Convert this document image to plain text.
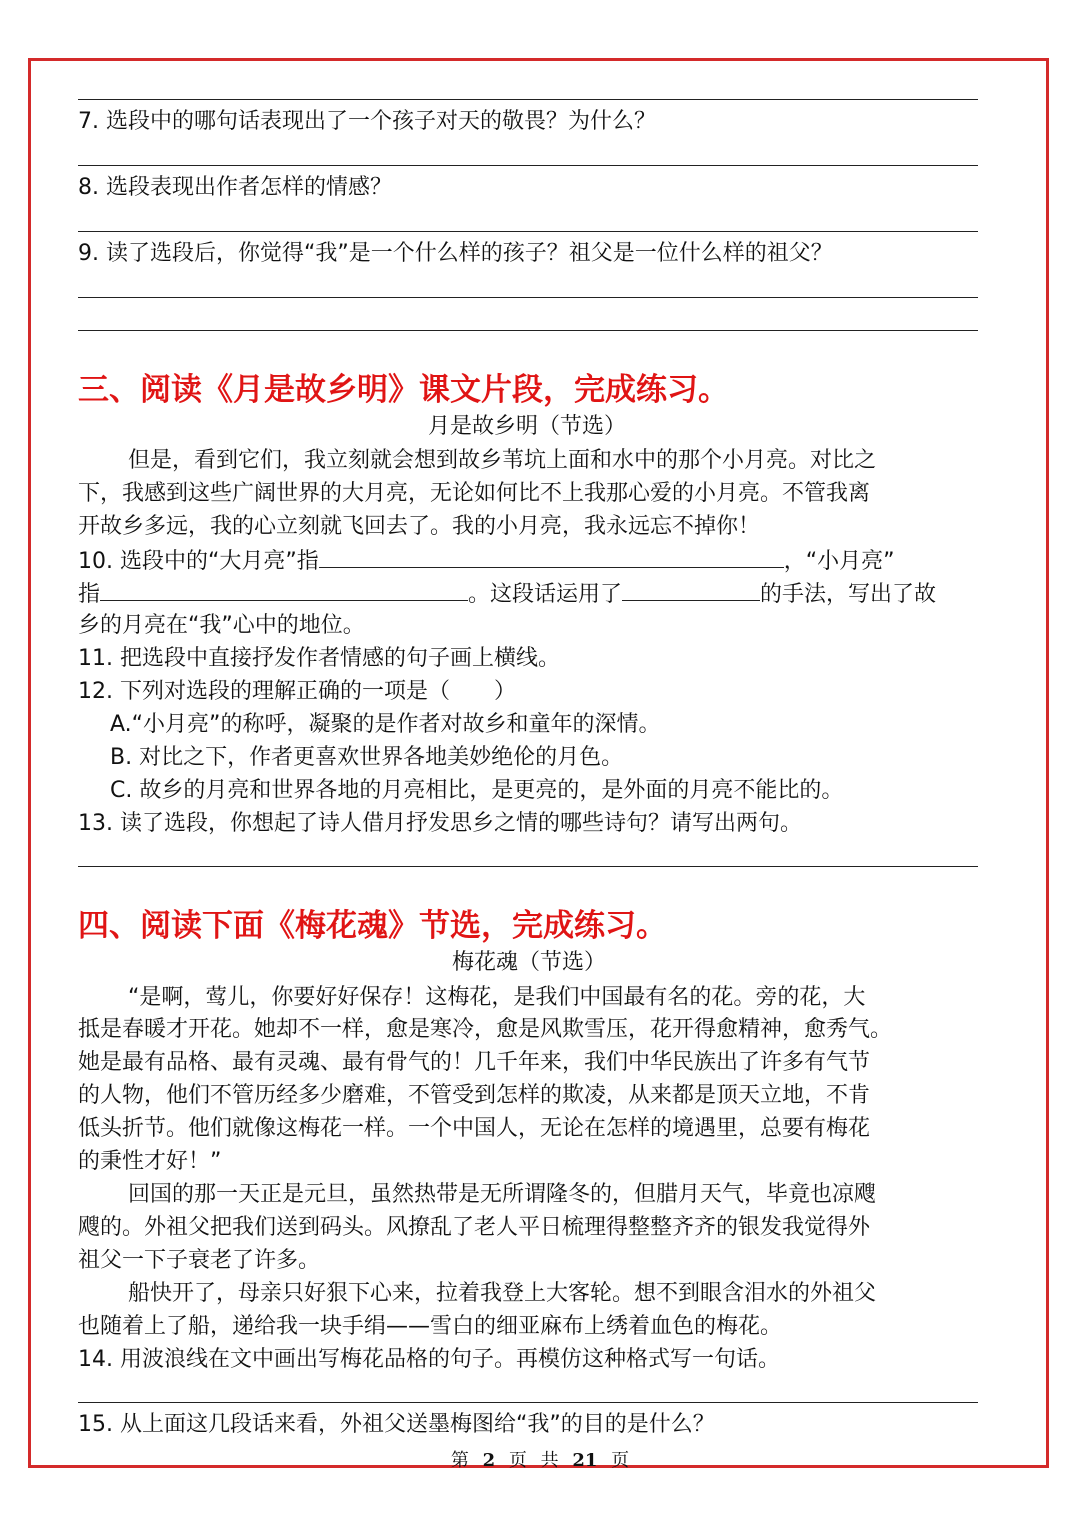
7. 选段中的哪句话表现出了一个孩子对天的敬畏？为什么？
8. 选段表现出作者怎样的情感？
9. 读了选段后，你觉得“我”是一个什么样的孩子？祖父是一位什么样的祖父？
三、阅读《月是故乡明》课文片段，完成练习。
月是故乡明（节选）
但是，看到它们，我立刻就会想到故乡苇坑上面和水中的那个小月亮。对比之
下，我感到这些广阔世界的大月亮，无论如何比不上我那心爱的小月亮。不管我离
开故乡多远，我的心立刻就飞回去了。我的小月亮，我永远忘不掉你！
10. 选段中的“大月亮”指	，“小月亮”
指	。这段话运用了	的手法，写出了故
乡的月亮在“我”心中的地位。
11. 把选段中直接抒发作者情感的句子画上横线。
12. 下列对选段的理解正确的一项是（　　）
A.“小月亮”的称呼，凝聚的是作者对故乡和童年的深情。
B. 对比之下，作者更喜欢世界各地美妙绝伦的月色。
C. 故乡的月亮和世界各地的月亮相比，是更亮的，是外面的月亮不能比的。
13. 读了选段，你想起了诗人借月抒发思乡之情的哪些诗句？请写出两句。
四、阅读下面《梅花魂》节选，完成练习。
梅花魂（节选）
“是啊，莺儿，你要好好保存！这梅花，是我们中国最有名的花。旁的花，大
抵是春暖才开花。她却不一样，愈是寒冷，愈是风欺雪压，花开得愈精神，愈秀气。
她是最有品格、最有灵魂、最有骨气的！几千年来，我们中华民族出了许多有气节
的人物，他们不管历经多少磨难，不管受到怎样的欺凌，从来都是顶天立地，不肯
低头折节。他们就像这梅花一样。一个中国人，无论在怎样的境遇里，总要有梅花
的秉性才好！”
回国的那一天正是元旦，虽然热带是无所谓隆冬的，但腊月天气，毕竟也凉飕
飕的。外祖父把我们送到码头。风撩乱了老人平日梳理得整整齐齐的银发我觉得外
祖父一下子衰老了许多。
船快开了，母亲只好狠下心来，拉着我登上大客轮。想不到眼含泪水的外祖父
也随着上了船，递给我一块手绢——雪白的细亚麻布上绣着血色的梅花。
14. 用波浪线在文中画出写梅花品格的句子。再模仿这种格式写一句话。
15. 从上面这几段话来看，外祖父送墨梅图给“我”的目的是什么？
第 2 页 共 21 页
